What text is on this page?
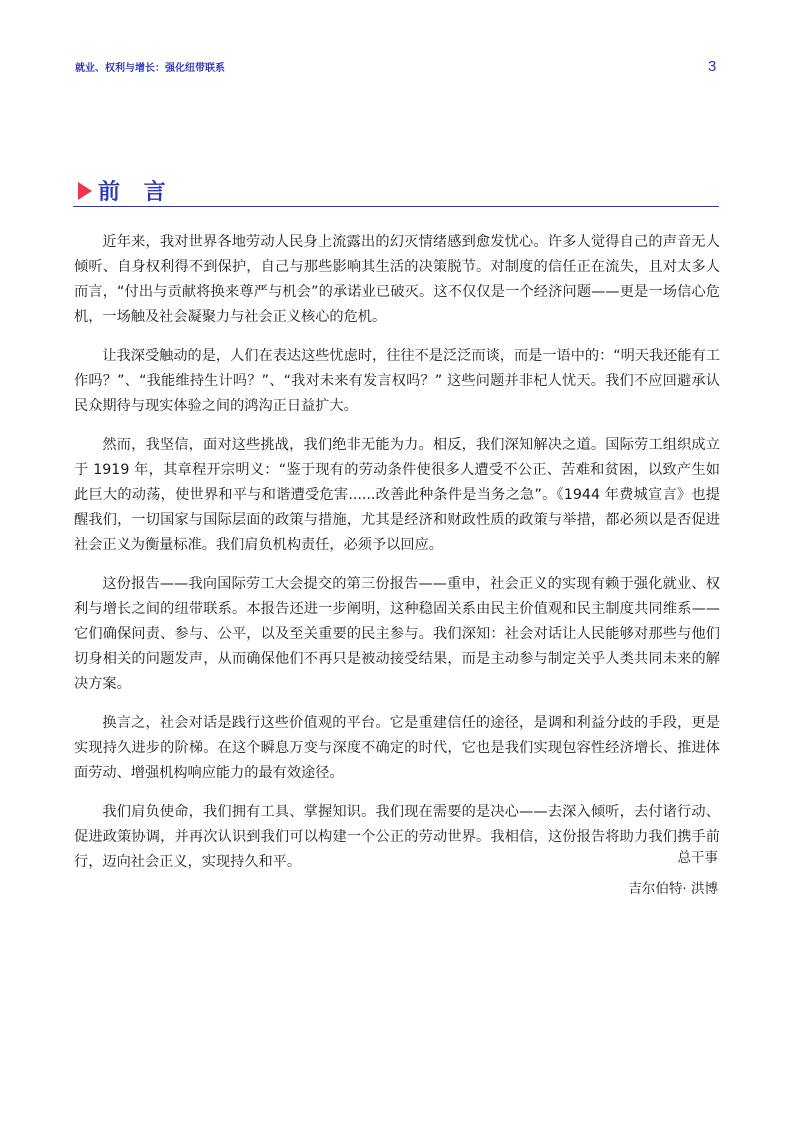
就业、权利与增长：强化纽带联系	3
前 言

近年来，我对世界各地劳动人民身上流露出的幻灭情绪感到愈发忧心。许多人觉得自己的声音无人倾听、自身权利得不到保护，自己与那些影响其生活的决策脱节。对制度的信任正在流失，且对太多人而言，“付出与贡献将换来尊严与机会”的承诺业已破灭。这不仅仅是一个经济问题——更是一场信心危机，一场触及社会凝聚力与社会正义核心的危机。

让我深受触动的是，人们在表达这些忧虑时，往往不是泛泛而谈，而是一语中的：“明天我还能有工作吗？”、“我能维持生计吗？”、“我对未来有发言权吗？” 这些问题并非杞人忧天。我们不应回避承认民众期待与现实体验之间的鸿沟正日益扩大。

然而，我坚信，面对这些挑战，我们绝非无能为力。相反，我们深知解决之道。国际劳工组织成立于 1919 年，其章程开宗明义：“鉴于现有的劳动条件使很多人遭受不公正、苦难和贫困，以致产生如此巨大的动荡，使世界和平与和谐遭受危害......改善此种条件是当务之急”。《1944 年费城宣言》也提醒我们，一切国家与国际层面的政策与措施，尤其是经济和财政性质的政策与举措，都必须以是否促进社会正义为衡量标准。我们肩负机构责任，必须予以回应。

这份报告——我向国际劳工大会提交的第三份报告——重申，社会正义的实现有赖于强化就业、权利与增长之间的纽带联系。本报告还进一步阐明，这种稳固关系由民主价值观和民主制度共同维系——它们确保问责、参与、公平，以及至关重要的民主参与。我们深知：社会对话让人民能够对那些与他们切身相关的问题发声，从而确保他们不再只是被动接受结果，而是主动参与制定关乎人类共同未来的解决方案。

换言之，社会对话是践行这些价值观的平台。它是重建信任的途径，是调和利益分歧的手段，更是实现持久进步的阶梯。在这个瞬息万变与深度不确定的时代，它也是我们实现包容性经济增长、推进体面劳动、增强机构响应能力的最有效途径。

我们肩负使命，我们拥有工具、掌握知识。我们现在需要的是决心——去深入倾听，去付诸行动、促进政策协调，并再次认识到我们可以构建一个公正的劳动世界。我相信，这份报告将助力我们携手前行，迈向社会正义，实现持久和平。	总干事
吉尔伯特· 洪博
